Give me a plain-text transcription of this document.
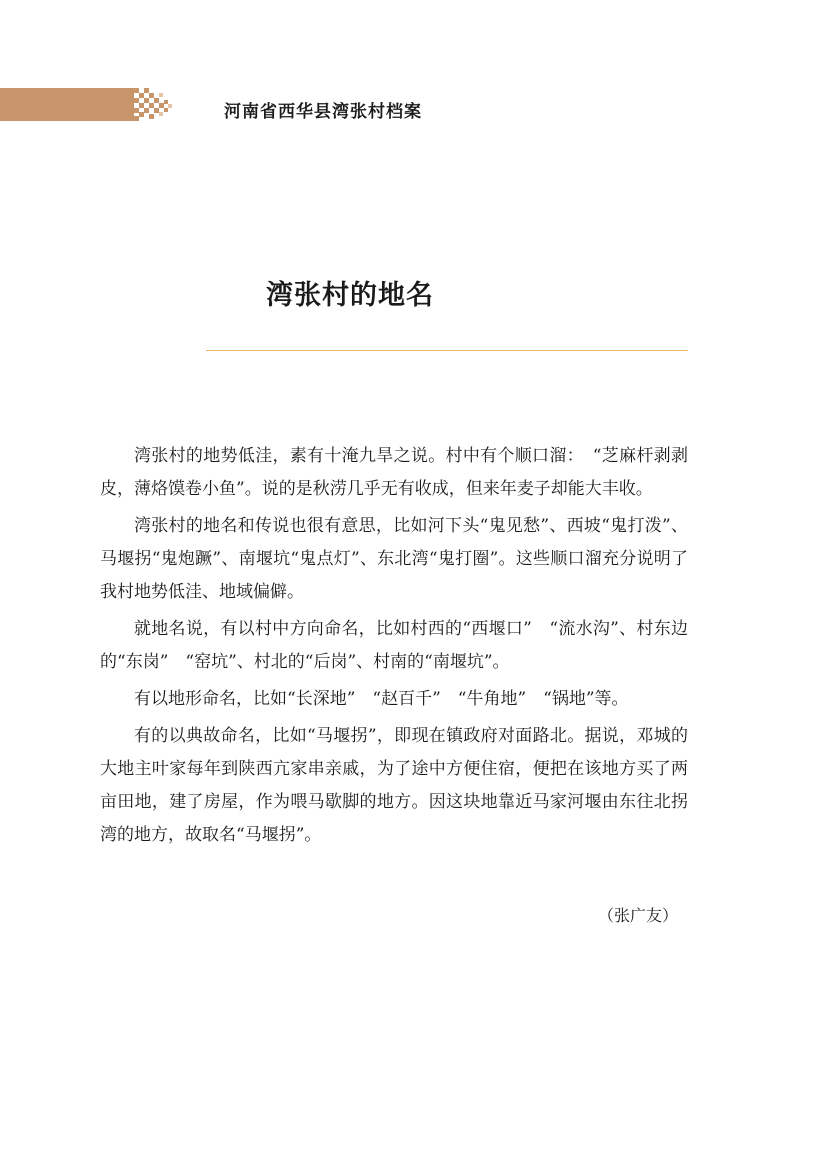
河南省西华县湾张村档案
湾张村的地名

湾张村的地势低洼，素有十淹九旱之说。村中有个顺口溜：　“芝麻杆剥剥皮，薄烙馍卷小鱼”。说的是秋涝几乎无有收成，但来年麦子却能大丰收。

湾张村的地名和传说也很有意思，比如河下头“鬼见愁”、西坡“鬼打泼”、马堰拐“鬼炮蹶”、南堰坑“鬼点灯”、东北湾“鬼打圈”。这些顺口溜充分说明了我村地势低洼、地域偏僻。

就地名说，有以村中方向命名，比如村西的“西堰口”　“流水沟”、村东边的“东岗”　“窑坑”、村北的“后岗”、村南的“南堰坑”。

有以地形命名，比如“长深地”　“赵百千”　“牛角地”　“锅地”等。

有的以典故命名，比如“马堰拐”，即现在镇政府对面路北。据说，邓城的大地主叶家每年到陕西亢家串亲戚，为了途中方便住宿，便把在该地方买了两亩田地，建了房屋，作为喂马歇脚的地方。因这块地靠近马家河堰由东往北拐湾的地方，故取名“马堰拐”。

（张广友）
